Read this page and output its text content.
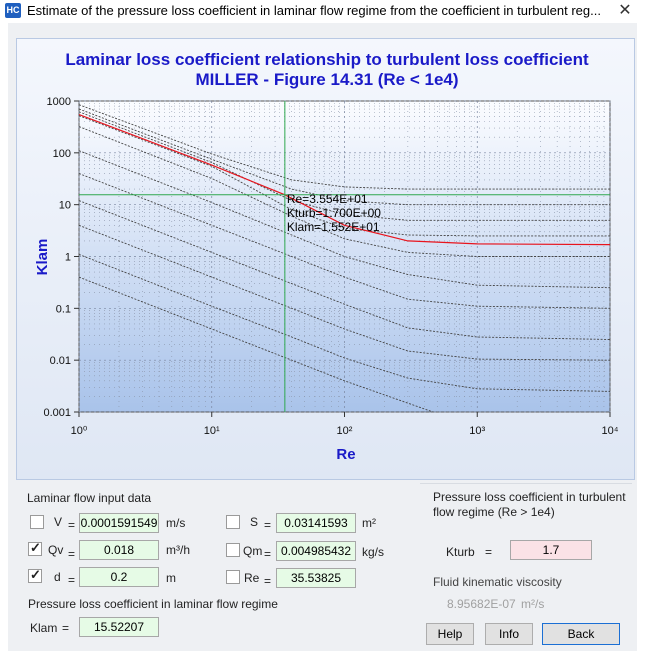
HC Estimate of the pressure loss coefficient in laminar flow regime from the coefficient in turbulent reg...	✕
Laminar loss coefficient relationship to turbulent loss coefficient
MILLER - Figure 14.31 (Re < 1e4)
10⁰	10¹	10²	10³	10⁴
1000
100
10
1
0.1
0.01
0.001
Re=3.554E+01
Kturb=1.700E+00
Klam=1.552E+01
Re
Klam
Laminar flow input data
V = 0.0001591549 m/s	S =	0.03141593	m²
✓
Qv =	0.018	m³/h	Qm = 0.004985432 kg/s
✓
d =	0.2	m	Re =	35.53825
Pressure loss coefficient in laminar flow regime
Klam =	15.52207
Pressure loss coefficient in turbulent
flow regime (Re > 1e4)
Kturb =	1.7
Fluid kinematic viscosity
8.95682E-07 m²/s
Help	Info	Back
